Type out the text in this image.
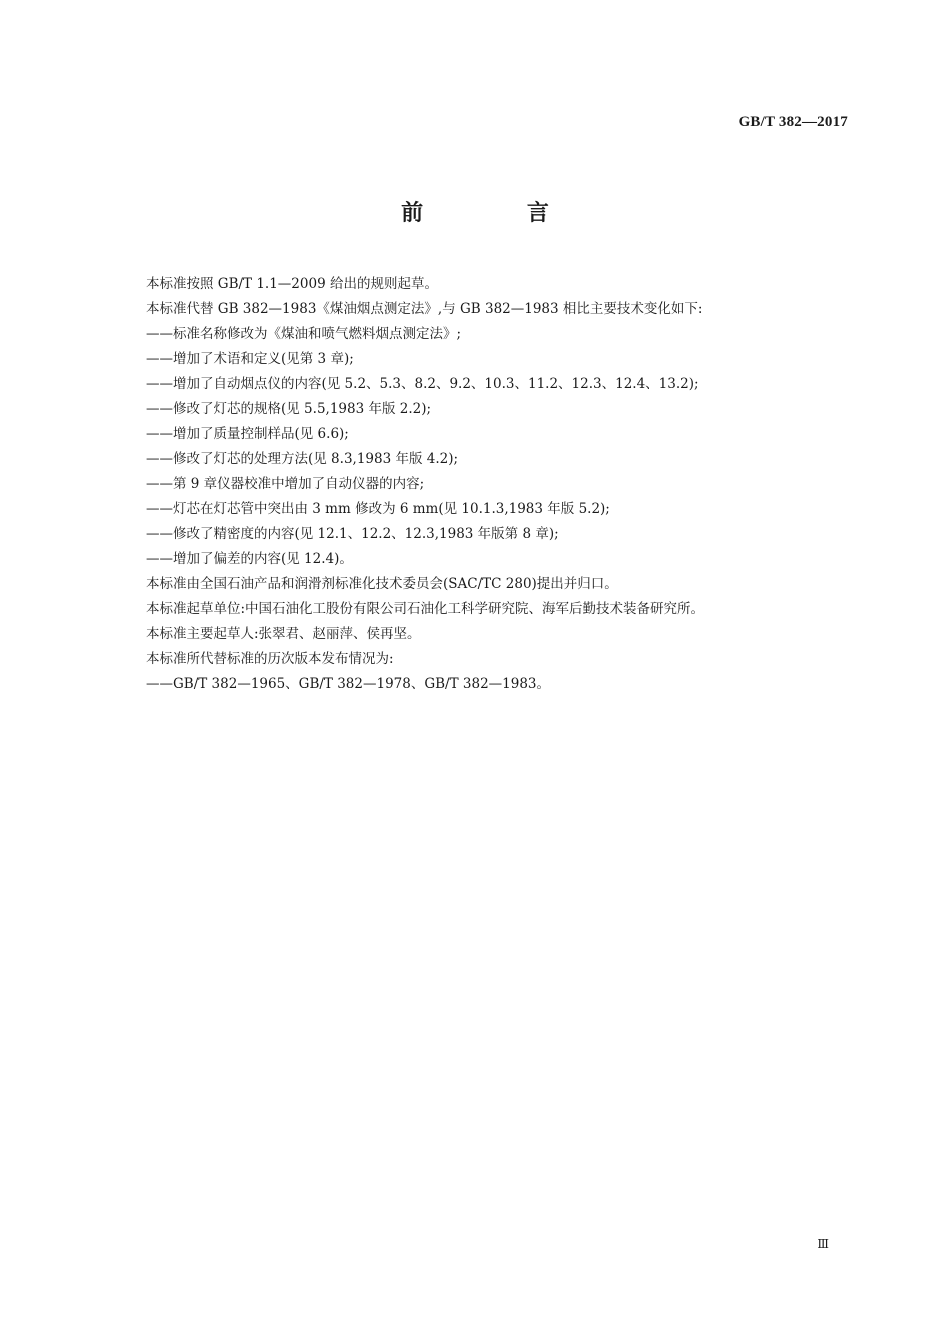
GB/T 382—2017
前 言
本标准按照 GB/T 1.1—2009 给出的规则起草。
本标准代替 GB 382—1983《煤油烟点测定法》,与 GB 382—1983 相比主要技术变化如下:
——标准名称修改为《煤油和喷气燃料烟点测定法》;
——增加了术语和定义(见第 3 章);
——增加了自动烟点仪的内容(见 5.2、5.3、8.2、9.2、10.3、11.2、12.3、12.4、13.2);
——修改了灯芯的规格(见 5.5,1983 年版 2.2);
——增加了质量控制样品(见 6.6);
——修改了灯芯的处理方法(见 8.3,1983 年版 4.2);
——第 9 章仪器校准中增加了自动仪器的内容;
——灯芯在灯芯管中突出由 3 mm 修改为 6 mm(见 10.1.3,1983 年版 5.2);
——修改了精密度的内容(见 12.1、12.2、12.3,1983 年版第 8 章);
——增加了偏差的内容(见 12.4)。
本标准由全国石油产品和润滑剂标准化技术委员会(SAC/TC 280)提出并归口。
本标准起草单位:中国石油化工股份有限公司石油化工科学研究院、海军后勤技术装备研究所。
本标准主要起草人:张翠君、赵丽萍、侯再坚。
本标准所代替标准的历次版本发布情况为:
——GB/T 382—1965、GB/T 382—1978、GB/T 382—1983。
Ⅲ
